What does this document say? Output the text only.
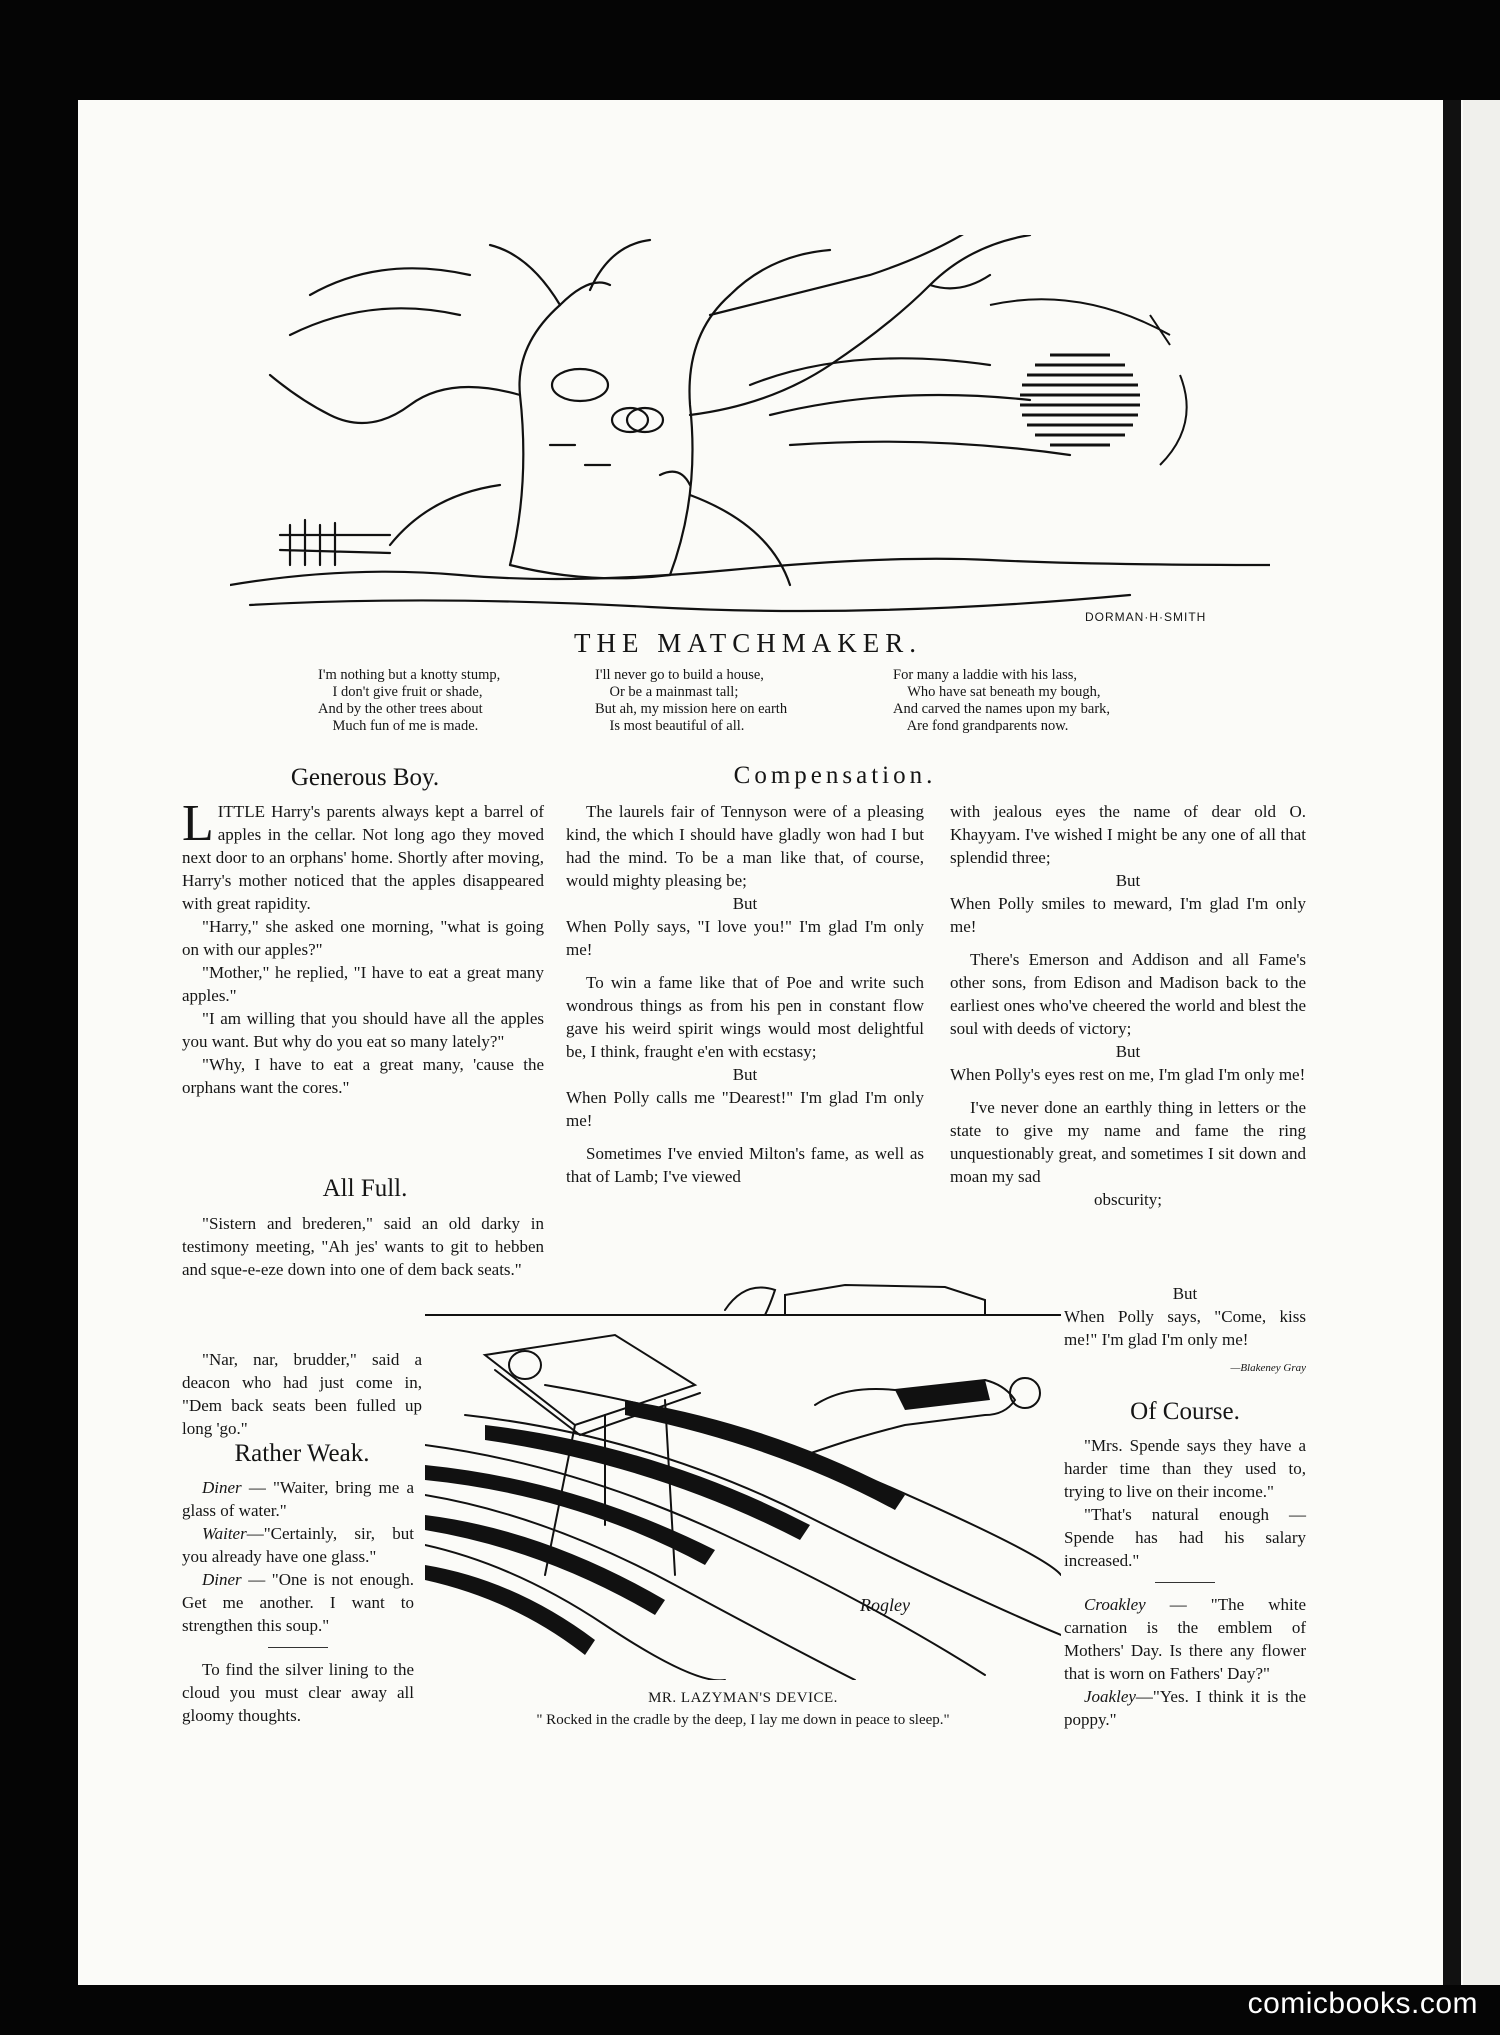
DORMAN·H·SMITH
THE MATCHMAKER.
I'm nothing but a knotty stump,
I don't give fruit or shade,
And by the other trees about
Much fun of me is made.
I'll never go to build a house,
Or be a mainmast tall;
But ah, my mission here on earth
Is most beautiful of all.
For many a laddie with his lass,
Who have sat beneath my bough,
And carved the names upon my bark,
Are fond grandparents now.
Generous Boy.

LITTLE Harry's parents always kept a barrel of apples in the cellar. Not long ago they moved next door to an orphans' home. Shortly after moving, Harry's mother noticed that the apples disappeared with great rapidity.

"Harry," she asked one morning, "what is going on with our apples?"

"Mother," he replied, "I have to eat a great many apples."

"I am willing that you should have all the apples you want. But why do you eat so many lately?"

"Why, I have to eat a great many, 'cause the orphans want the cores."

All Full.

"Sistern and brederen," said an old darky in testimony meeting, "Ah jes' wants to git to hebben and sque-e-eze down into one of dem back seats."

"Nar, nar, brudder," said a deacon who had just come in, "Dem back seats been fulled up long 'go."

Rather Weak.

Diner — "Waiter, bring me a glass of water."

Waiter—"Certainly, sir, but you already have one glass."

Diner — "One is not enough. Get me another. I want to strengthen this soup."

To find the silver lining to the cloud you must clear away all gloomy thoughts.

Compensation.

The laurels fair of Tennyson were of a pleasing kind, the which I should have gladly won had I but had the mind. To be a man like that, of course, would mighty pleasing be;

But

When Polly says, "I love you!" I'm glad I'm only me!

To win a fame like that of Poe and write such wondrous things as from his pen in constant flow gave his weird spirit wings would most delightful be, I think, fraught e'en with ecstasy;

But

When Polly calls me "Dearest!" I'm glad I'm only me!

Sometimes I've envied Milton's fame, as well as that of Lamb; I've viewed

with jealous eyes the name of dear old O. Khayyam. I've wished I might be any one of all that splendid three;

But

When Polly smiles to meward, I'm glad I'm only me!

There's Emerson and Addison and all Fame's other sons, from Edison and Madison back to the earliest ones who've cheered the world and blest the soul with deeds of victory;

But

When Polly's eyes rest on me, I'm glad I'm only me!

I've never done an earthly thing in letters or the state to give my name and fame the ring unquestionably great, and sometimes I sit down and moan my sad

obscurity;
But

When Polly says, "Come, kiss me!" I'm glad I'm only me!
—Blakeney Gray

Of Course.

"Mrs. Spende says they have a harder time than they used to, trying to live on their income."

"That's natural enough —Spende has had his salary increased."

Croakley — "The white carnation is the emblem of Mothers' Day. Is there any flower that is worn on Fathers' Day?"

Joakley—"Yes. I think it is the poppy."

Rogley
MR. LAZYMAN'S DEVICE.
" Rocked in the cradle by the deep, I lay me down in peace to sleep."
comicbooks.com
